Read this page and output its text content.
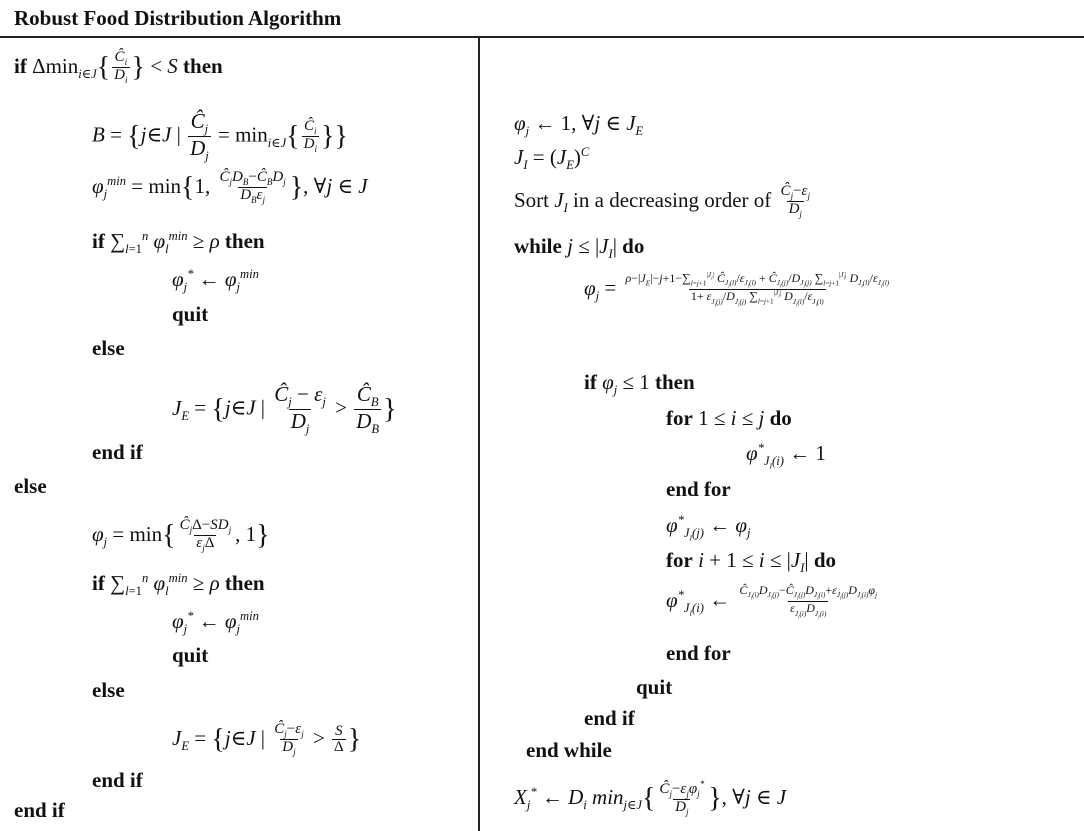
Robust Food Distribution Algorithm
if $\Delta\min_{i\in J}\{ \frac{Ĉ_i}{D_i}$ } < S then
B = {j∈J | $\frac{Ĉ_j}{D_j} = \min_{i\in J}\{ \frac{Ĉ_i}{D_i}$ }}
$\varphi_j^{min} = \min\{1$, $\frac{Ĉ_jD_B-Ĉ_BD_j}{D_B\varepsilon_j}$ }, ∀j ∈ J
if $\sum_{l=1}^n$ $\varphi_l^{min} \ge \rho$ then
$\varphi_j^*$ ← $\varphi_j^{min}$
quit
else
$J_E$ = {j∈J | $\frac{Ĉ_j - \varepsilon_j}{D_j} > \frac{Ĉ_B}{D_B}$ }
end if
else
$\varphi_j = \min\{ \frac{Ĉ_j\Delta-SD_j}{\varepsilon_j\Delta}$ , 1}
if $\sum_{l=1}^n$ $\varphi_l^{min} \ge \rho$ then
$\varphi_j^*$ ← $\varphi_j^{min}$
quit
else
$J_E$ = {j∈J | $\frac{Ĉ_j-\varepsilon_j}{D_j} > \frac{S}{\Delta}$ }
end if
end if
$\varphi_j$ ← 1, ∀j ∈ $J_E$
$J_I = (J_E)^C$
Sort $J_I$ in a decreasing order of $\frac{Ĉ_j-\varepsilon_j}{D_j}$
while $j \le |J_I|$ do
$\varphi_j = \rho-|J_E|-j+1-\sum_{l=j+1}^{|J_I|}$ $Ĉ_{J_I(l)}/\varepsilon_{J_I(l)}$ + $Ĉ_{J_I(j)}/D_{J_I(j)}$ $\sum_{l=j+1}^{|J_I|}$ $D_{J_I(l)}/\varepsilon_{J_I(l)}$
$1+ \varepsilon_{J_I(j)}/D_{J_I(j)}$ $\sum_{l=j+1}^{|J_I|}$ $D_{J_I(l)}/\varepsilon_{J_I(l)}$
if $\varphi_j \le 1$ then
for 1 ≤ i ≤ j do
$\varphi^*_{J_I(i)}$ ← 1
end for
$\varphi^*_{J_I(j)}$ ← $\varphi_j$
for $i + 1 \le i \le |J_I|$ do
$\varphi^*_{J_I(i)}$ ← $\frac{Ĉ_{J_I(i)}D_{J_I(j)}-Ĉ_{J_I(j)}D_{J_I(i)}+\varepsilon_{J_I(j)}D_{J_I(i)}\varphi_j}{\varepsilon_{J_I(i)}D_{J_I(i)}}$
end for
quit
end if
end while
$X_j^*$ ← $D_i$ $\min_{j\in J}\{ \frac{Ĉ_j-\varepsilon_j\varphi_j^*}{D_j}$ }, ∀j ∈ J
